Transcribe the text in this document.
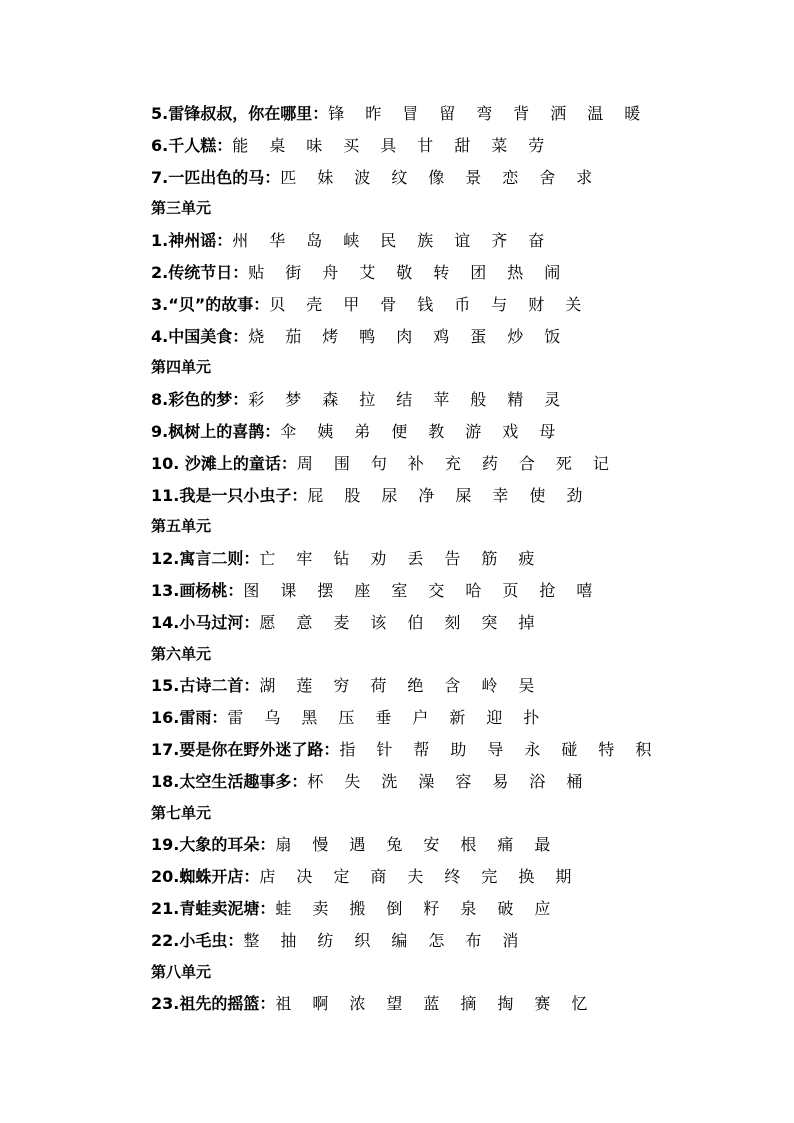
5.雷锋叔叔，你在哪里：锋 昨 冒 留 弯 背 洒 温 暖
6.千人糕：能 桌 味 买 具 甘 甜 菜 劳
7.一匹出色的马：匹 妹 波 纹 像 景 恋 舍 求
第三单元
1.神州谣：州 华 岛 峡 民 族 谊 齐 奋
2.传统节日：贴 街 舟 艾 敬 转 团 热 闹
3.“贝”的故事：贝 壳 甲 骨 钱 币 与 财 关
4.中国美食：烧 茄 烤 鸭 肉 鸡 蛋 炒 饭
第四单元
8.彩色的梦：彩 梦 森 拉 结 苹 般 精 灵
9.枫树上的喜鹊：伞 姨 弟 便 教 游 戏 母
10. 沙滩上的童话：周 围 句 补 充 药 合 死 记
11.我是一只小虫子：屁 股 尿 净 屎 幸 使 劲
第五单元
12.寓言二则：亡 牢 钻 劝 丢 告 筋 疲
13.画杨桃：图 课 摆 座 室 交 哈 页 抢 嘻
14.小马过河：愿 意 麦 该 伯 刻 突 掉
第六单元
15.古诗二首：湖 莲 穷 荷 绝 含 岭 吴
16.雷雨：雷 乌 黑 压 垂 户 新 迎 扑
17.要是你在野外迷了路：指 针 帮 助 导 永 碰 特 积
18.太空生活趣事多：杯 失 洗 澡 容 易 浴 桶
第七单元
19.大象的耳朵：扇 慢 遇 兔 安 根 痛 最
20.蜘蛛开店：店 决 定 商 夫 终 完 换 期
21.青蛙卖泥塘：蛙 卖 搬 倒 籽 泉 破 应
22.小毛虫：整 抽 纺 织 编 怎 布 消
第八单元
23.祖先的摇篮：祖 啊 浓 望 蓝 摘 掏 赛 忆
